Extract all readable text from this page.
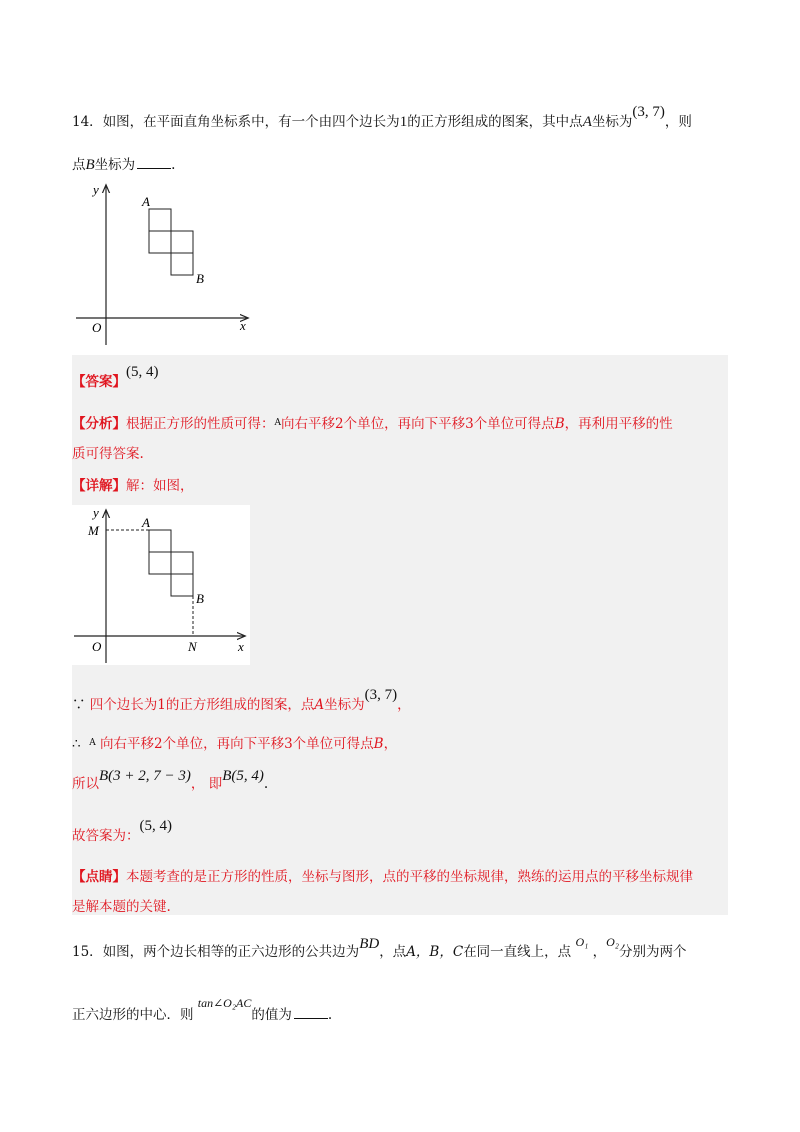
14．如图，在平面直角坐标系中，有一个由四个边长为1的正方形组成的图案，其中点A坐标为(3, 7)，则
点B坐标为	.
y
x
O
A
B
【答案】(5, 4)
【分析】根据正方形的性质可得：$^A$向右平移2个单位，再向下平移3个单位可得点B，再利用平移的性
质可得答案.
【详解】解：如图，
y
x
O
M
N
A
B
∵ 四个边长为1的正方形组成的图案，点A坐标为(3, 7)，
∴ $^A$ 向右平移2个单位，再向下平移3个单位可得点B，
所以B(3 + 2, 7 − 3)， 即B(5, 4).
故答案为：(5, 4)
【点睛】本题考查的是正方形的性质，坐标与图形，点的平移的坐标规律，熟练的运用点的平移坐标规律
是解本题的关键.
15．如图，两个边长相等的正六边形的公共边为BD，点A，B，C在同一直线上，点 O₁ ，O₂分别为两个
正六边形的中心．则 tan∠O₂AC的值为	.
